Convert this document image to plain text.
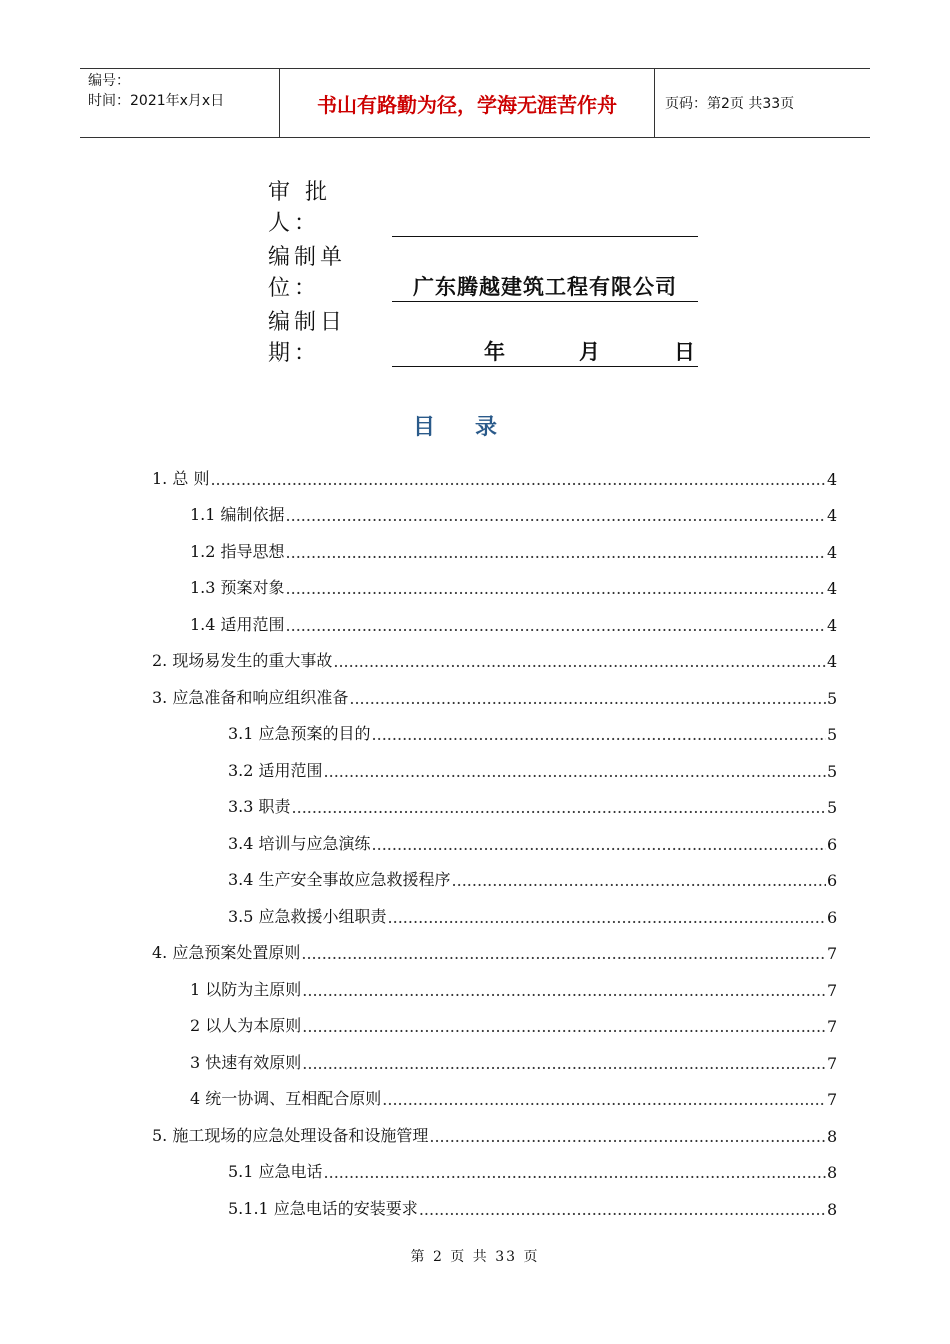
编号：
时间：2021年x月x日	书山有路勤为径，学海无涯苦作舟	页码：第2页 共33页
审 批 人：
编制单位：	广东腾越建筑工程有限公司
编制日期：	年	月	日
目录
1. 总 则 .....	4
1.1 编制依据 .....	4
1.2 指导思想 .....	4
1.3 预案对象 .....	4
1.4 适用范围 .....	4
2. 现场易发生的重大事故 .....	4
3. 应急准备和响应组织准备 .....	5
3.1 应急预案的目的 .....	5
3.2 适用范围 .....	5
3.3 职责 .....	5
3.4 培训与应急演练 .....	6
3.4 生产安全事故应急救援程序 .....	6
3.5 应急救援小组职责 .....	6
4. 应急预案处置原则 .....	7
1 以防为主原则 .....	7
2 以人为本原则 .....	7
3 快速有效原则 .....	7
4 统一协调、互相配合原则 .....	7
5. 施工现场的应急处理设备和设施管理 .....	8
5.1 应急电话 .....	8
5.1.1 应急电话的安装要求 .....	8
第 2 页 共 33 页
